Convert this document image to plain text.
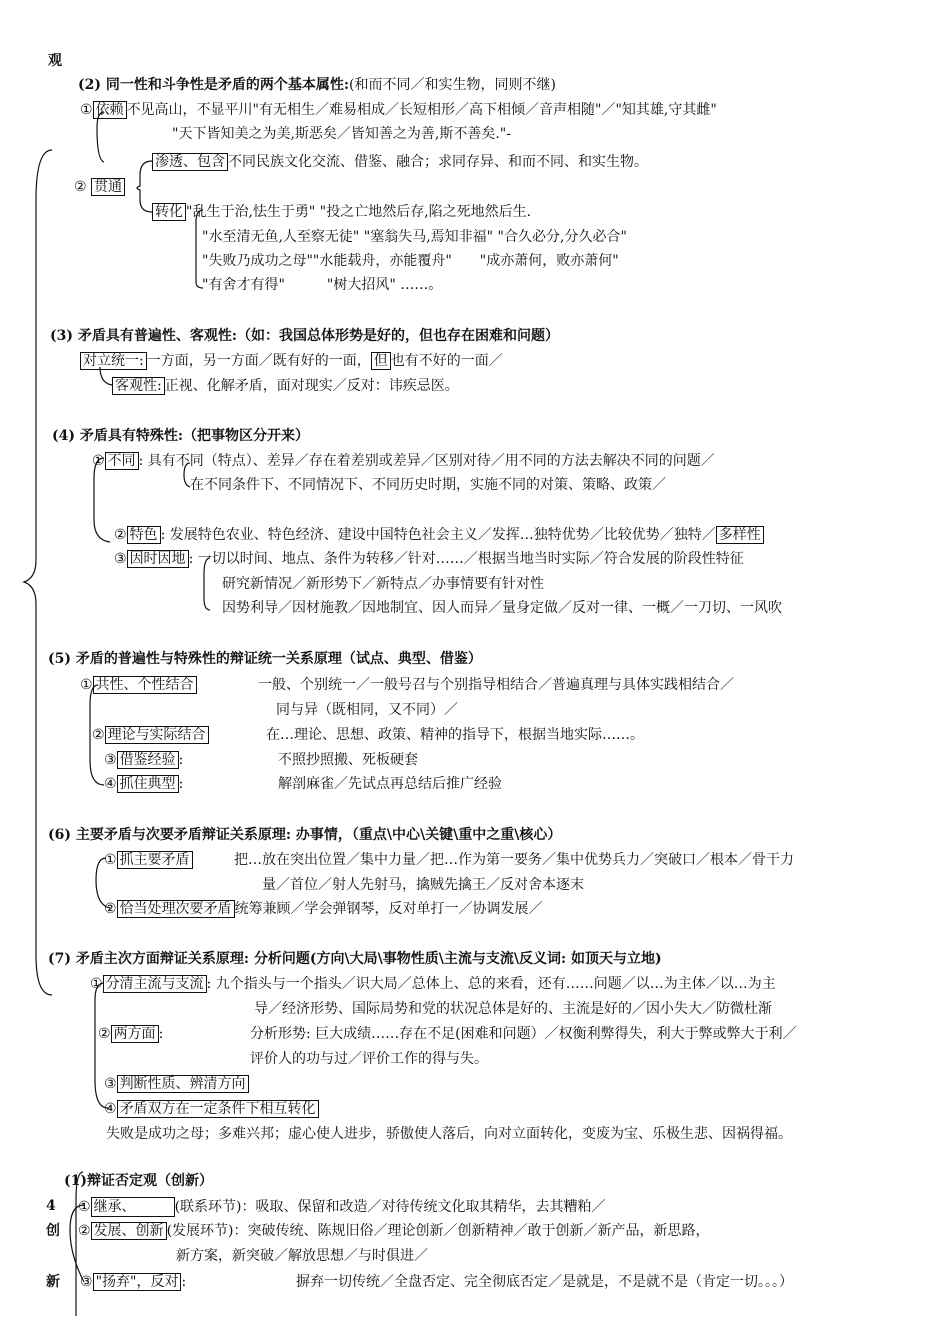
观
(2) 同一性和斗争性是矛盾的两个基本属性:(和而不同／和实生物，同则不继)
① 依赖 不见高山，不显平川"有无相生／难易相成／长短相形／高下相倾／音声相随"／"知其雄,守其雌"
"天下皆知美之为美,斯恶矣／皆知善之为善,斯不善矣."-
渗透、包含 不同民族文化交流、借鉴、融合；求同存异、和而不同、和实生物。
② 贯通
转化 "乱生于治,怯生于勇" "投之亡地然后存,陷之死地然后生.
"水至清无鱼,人至察无徒" "塞翁失马,焉知非福" "合久必分,分久必合"
"失败乃成功之母""水能载舟，亦能覆舟"　　"成亦萧何，败亦萧何"
"有舍才有得"　　　"树大招风" ……。
(3) 矛盾具有普遍性、客观性:（如：我国总体形势是好的，但也存在困难和问题）
对立统一: 一方面，另一方面／既有好的一面， 但 也有不好的一面／
客观性: 正视、化解矛盾，面对现实／反对：讳疾忌医。
(4) 矛盾具有特殊性:（把事物区分开来）
① 不同 : 具有不同（特点）、差异／存在着差别或差异／区别对待／用不同的方法去解决不同的问题／
在不同条件下、不同情况下、不同历史时期，实施不同的对策、策略、政策／
② 特色 : 发展特色农业、特色经济、建设中国特色社会主义／发挥…独特优势／比较优势／独特／ 多样性
③ 因时因地 : 一切以时间、地点、条件为转移／针对……／根据当地当时实际／符合发展的阶段性特征
研究新情况／新形势下／新特点／办事情要有针对性
因势利导／因材施教／因地制宜、因人而异／量身定做／反对一律、一概／一刀切、一风吹
(5) 矛盾的普遍性与特殊性的辩证统一关系原理（试点、典型、借鉴）
① 共性、个性结合	一般、个别统一／一般号召与个别指导相结合／普遍真理与具体实践相结合／
同与异（既相同，又不同）／
② 理论与实际结合	在…理论、思想、政策、精神的指导下，根据当地实际……。
③ 借鉴经验 :	不照抄照搬、死板硬套
④ 抓住典型 :	解剖麻雀／先试点再总结后推广经验
(6) 主要矛盾与次要矛盾辩证关系原理: 办事情，（重点\中心\关键\重中之重\核心）
① 抓主要矛盾	把…放在突出位置／集中力量／把…作为第一要务／集中优势兵力／突破口／根本／骨干力
量／首位／射人先射马，擒贼先擒王／反对舍本逐末
② 恰当处理次要矛盾 统筹兼顾／学会弹钢琴，反对单打一／协调发展／
(7) 矛盾主次方面辩证关系原理: 分析问题(方向\大局\事物性质\主流与支流\反义词: 如顶天与立地)
① 分清主流与支流 : 九个指头与一个指头／识大局／总体上、总的来看，还有……问题／以…为主体／以…为主
导／经济形势、国际局势和党的状况总体是好的、主流是好的／因小失大／防微杜渐
② 两方面 :	分析形势: 巨大成绩……存在不足(困难和问题）／权衡利弊得失，利大于弊或弊大于利／
评价人的功与过／评价工作的得与失。
③ 判断性质、辨清方向
④ 矛盾双方在一定条件下相互转化
失败是成功之母；多难兴邦；虚心使人进步，骄傲使人落后，向对立面转化，变废为宝、乐极生悲、因祸得福。
4
创
新
(1)辩证否定观（创新）
① 继承、	(联系环节)：吸取、保留和改造／对待传统文化取其精华，去其糟粕／
② 发展、创新 (发展环节)：突破传统、陈规旧俗／理论创新／创新精神／敢于创新／新产品，新思路，
新方案，新突破／解放思想／与时俱进／
③ "扬弃"，反对 :	摒弃一切传统／全盘否定、完全彻底否定／是就是，不是就不是（肯定一切。。。）
